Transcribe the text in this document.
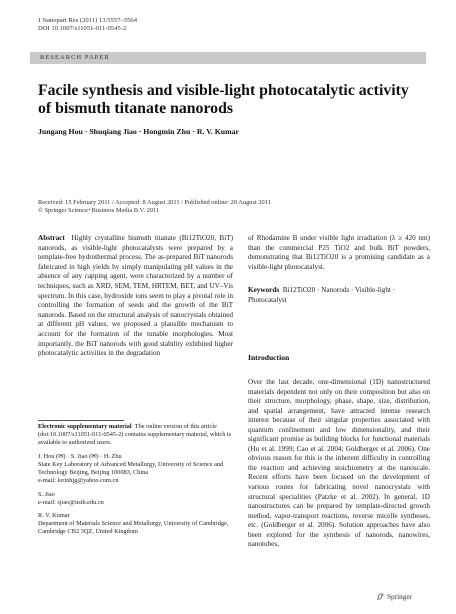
J Nanopart Res (2011) 13:5557–5564
DOI 10.1007/s11051-011-0545-2
RESEARCH PAPER
Facile synthesis and visible-light photocatalytic activity of bismuth titanate nanorods
Jungang Hou · Shuqiang Jiao · Hongmin Zhu · R. V. Kumar
Received: 15 February 2011 / Accepted: 8 August 2011 / Published online: 20 August 2011
© Springer Science+Business Media B.V. 2011

Abstract Highly crystalline bismuth titanate (Bi12TiO20, BiT) nanorods, as visible-light photocatalysts were prepared by a template-free hydrothermal process. The as-prepared BiT nanorods fabricated in high yields by simply manipulating pH values in the absence of any capping agent, were characterized by a number of techniques, such as XRD, SEM, TEM, HRTEM, BET, and UV–Vis spectrum. In this case, hydroxide ions seem to play a pivotal role in controlling the formation of seeds and the growth of the BiT nanorods. Based on the structural analysis of nanocrystals obtained at different pH values, we proposed a plausible mechanism to account for the formation of the tunable morphologies. Most importantly, the BiT nanorods with good stability exhibited higher photocatalytic activities in the degradation

of Rhodamine B under visible light irradiation (λ ≥ 420 nm) than the commercial P25 TiO2 and bulk BiT powders, demonstrating that Bi12TiO20 is a promising candidate as a visible-light photocatalyst.

Keywords Bi12TiO20 · Nanorods · Visible-light · Photocatalyst
Introduction
Over the last decade, one-dimensional (1D) nanostructured materials dependent not only on their composition but also on their structure, morphology, phase, shape, size, distribution, and spatial arrangement, have attracted intense research interest because of their singular properties associated with quantum confinement and low dimensionality, and their significant promise as building blocks for functional materials (Hu et al. 1999; Cao et al. 2004; Goldberger et al. 2006). One obvious reason for this is the inherent difficulty in controlling the reaction and achieving stoichiometry at the nanoscale. Recent efforts have been focused on the development of various routes for fabricating novel nanocrystals with structural specialities (Patzke et al. 2002). In general, 1D nanostructures can be prepared by template-directed growth method, vapor-transport reactions, reverse micelle syntheses, etc. (Goldberger et al. 2006). Solution approaches have also been explored for the synthesis of nanorods, nanowires, nanotubes,
Electronic supplementary material The online version of this article (doi:10.1007/s11051-011-0545-2) contains supplementary material, which is available to authorized users.

J. Hou (✉) · S. Jiao (✉) · H. Zhu
State Key Laboratory of Advanced Metallurgy, University of Science and Technology Beijing, Beijing 100083, China
e-mail: lorinhjg@yahoo.com.cn

S. Jiao
e-mail: sjiao@ustb.edu.cn

R. V. Kumar
Department of Materials Science and Metallurgy, University of Cambridge, Cambridge CB2 3QZ, United Kingdom

Springer
